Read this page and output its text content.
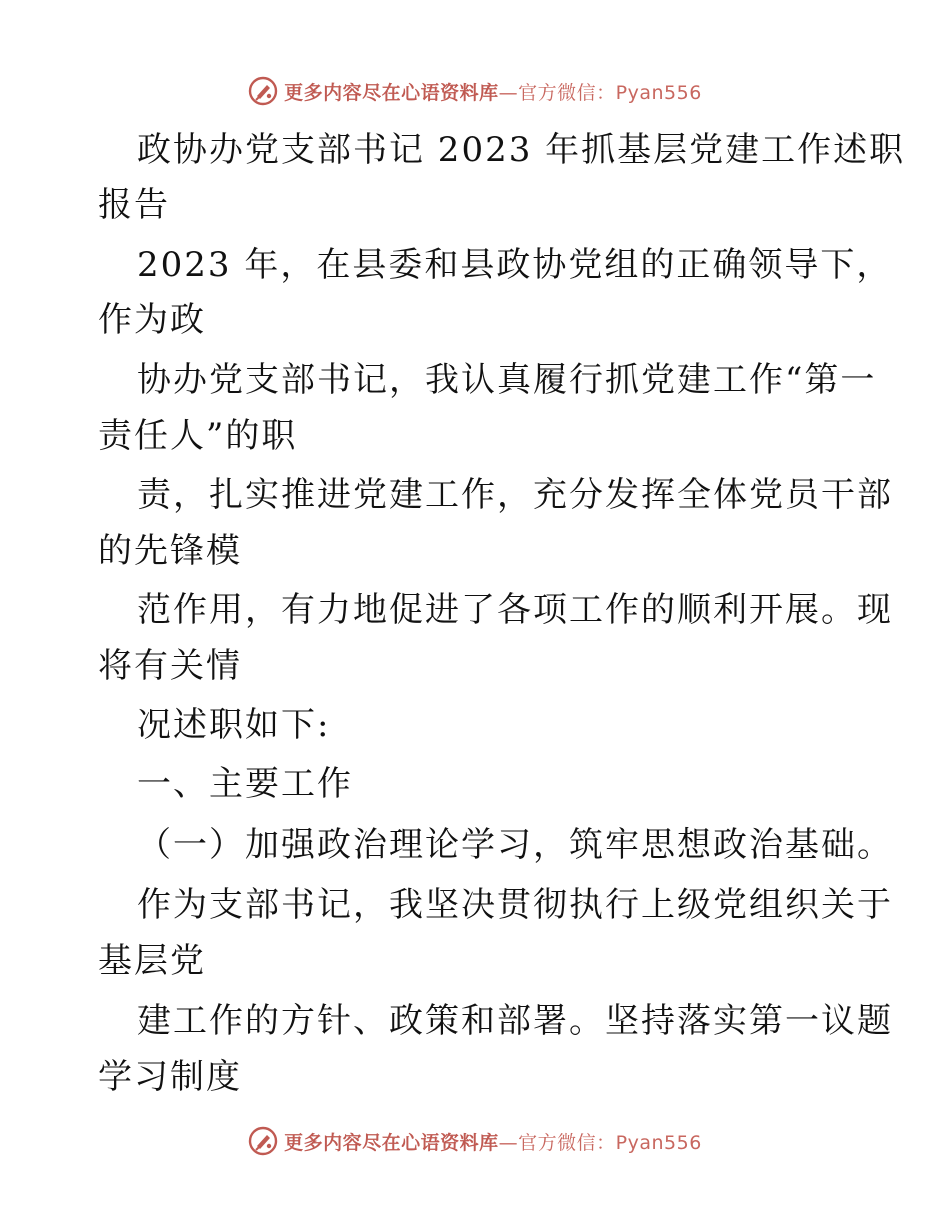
更多内容尽在心语资料库—官方微信：Pyan556
政协办党支部书记 2023 年抓基层党建工作述职
报告
2023 年，在县委和县政协党组的正确领导下，
作为政
协办党支部书记，我认真履行抓党建工作“第一
责任人”的职
责，扎实推进党建工作，充分发挥全体党员干部
的先锋模
范作用，有力地促进了各项工作的顺利开展。现
将有关情
况述职如下:
一、主要工作
（一）加强政治理论学习，筑牢思想政治基础。
作为支部书记，我坚决贯彻执行上级党组织关于
基层党
建工作的方针、政策和部署。坚持落实第一议题
学习制度
更多内容尽在心语资料库—官方微信：Pyan556
